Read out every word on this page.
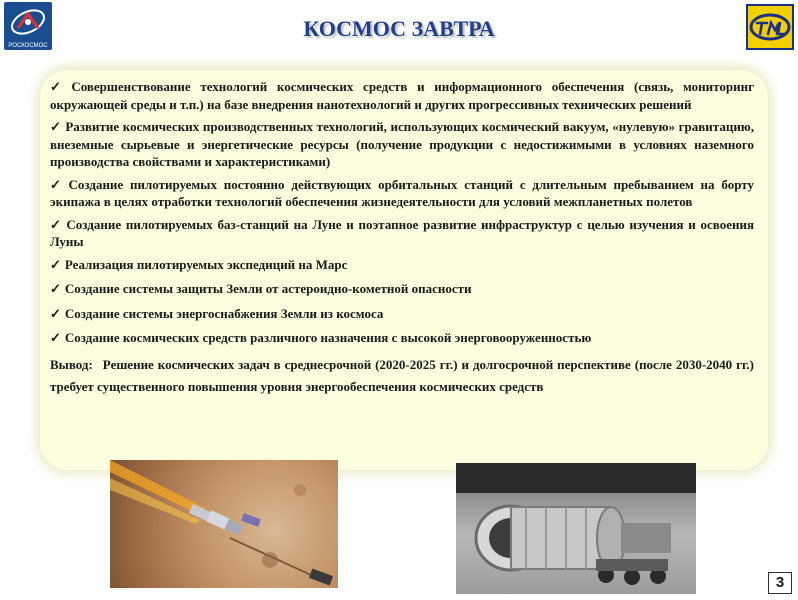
РОСКОСМОС
КОСМОС ЗАВТРА
✓ Совершенствование технологий космических средств и информационного обеспечения (связь, мониторинг окружающей среды и т.п.) на базе внедрения нанотехнологий и других прогрессивных технических решений
✓ Развитие космических производственных технологий, использующих космический вакуум, «нулевую» гравитацию, внеземные сырьевые и энергетические ресурсы (получение продукции с недостижимыми в условиях наземного производства свойствами и характеристиками)
✓ Создание пилотируемых постоянно действующих орбитальных станций с длительным пребыванием на борту экипажа в целях отработки технологий обеспечения жизнедеятельности для условий межпланетных полетов
✓ Создание пилотируемых баз-станций на Луне и поэтапное развитие инфраструктур с целью изучения и освоения Луны
✓ Реализация пилотируемых экспедиций на Марс
✓ Создание системы защиты Земли от астероидно-кометной опасности
✓ Создание системы энергоснабжения Земли из космоса
✓ Создание космических средств различного назначения с высокой энерговооруженностью
Вывод: Решение космических задач в среднесрочной (2020-2025 гг.) и долгосрочной перспективе (после 2030-2040 гг.) требует существенного повышения уровня энергообеспечения космических средств
3
